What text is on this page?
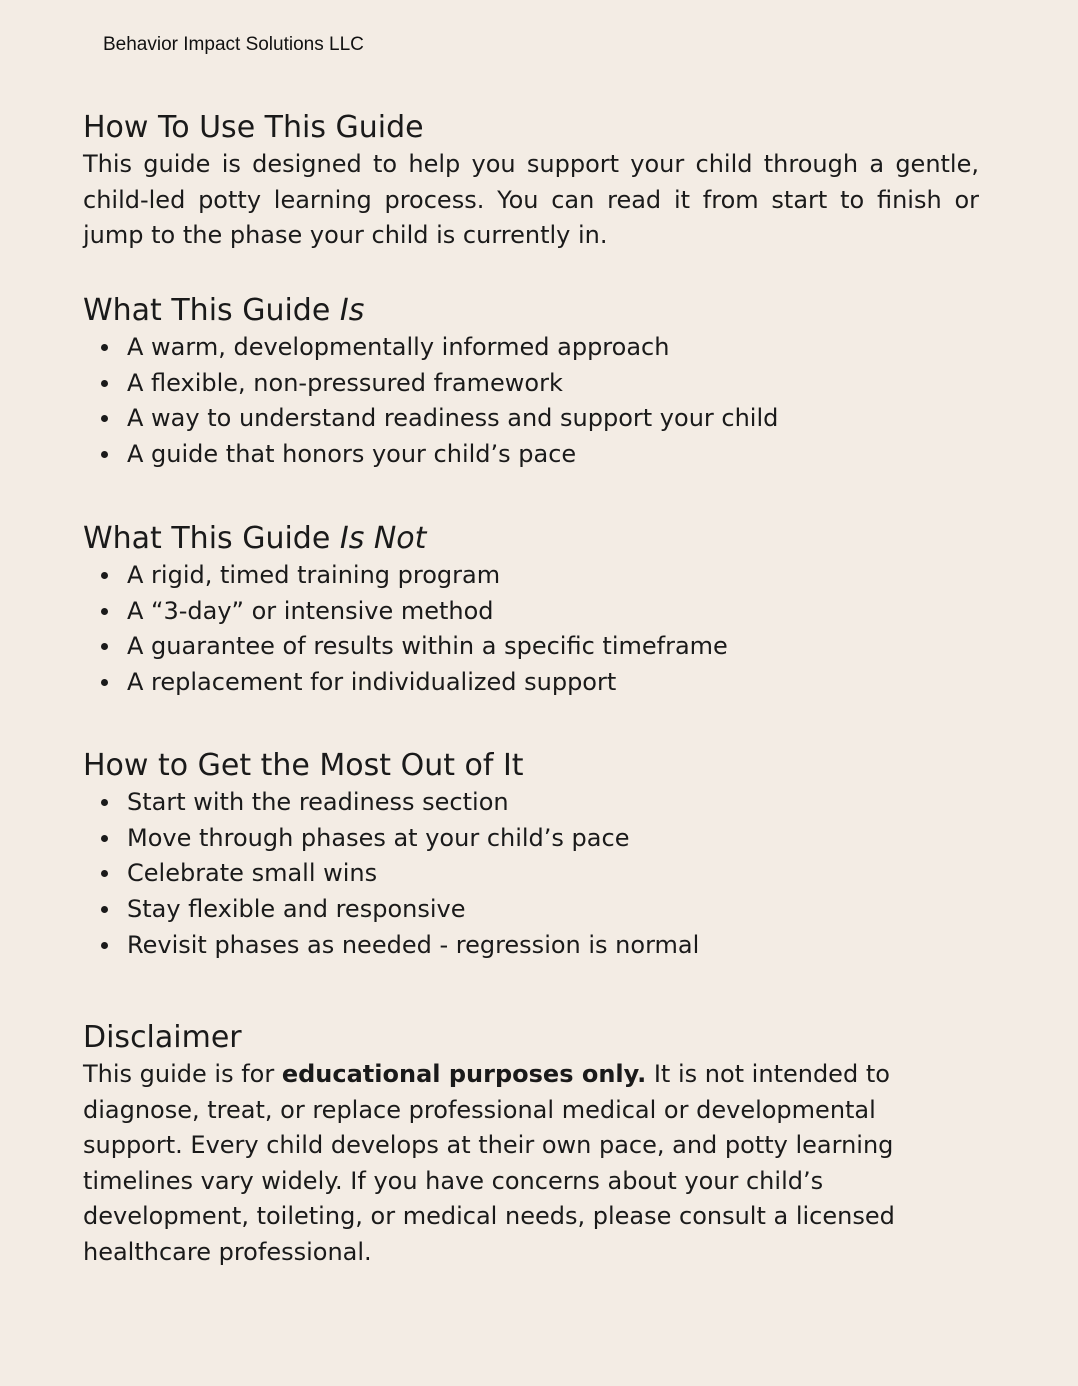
Behavior Impact Solutions LLC
How To Use This Guide

This guide is designed to help you support your child through a gentle, child-led potty learning process. You can read it from start to finish or jump to the phase your child is currently in.

What This Guide Is
A warm, developmentally informed approach
A flexible, non-pressured framework
A way to understand readiness and support your child
A guide that honors your child’s pace
What This Guide Is Not
A rigid, timed training program
A “3-day” or intensive method
A guarantee of results within a specific timeframe
A replacement for individualized support
How to Get the Most Out of It
Start with the readiness section
Move through phases at your child’s pace
Celebrate small wins
Stay flexible and responsive
Revisit phases as needed - regression is normal
Disclaimer

This guide is for educational purposes only. It is not intended to diagnose, treat, or replace professional medical or developmental support. Every child develops at their own pace, and potty learning timelines vary widely. If you have concerns about your child’s development, toileting, or medical needs, please consult a licensed healthcare professional.
